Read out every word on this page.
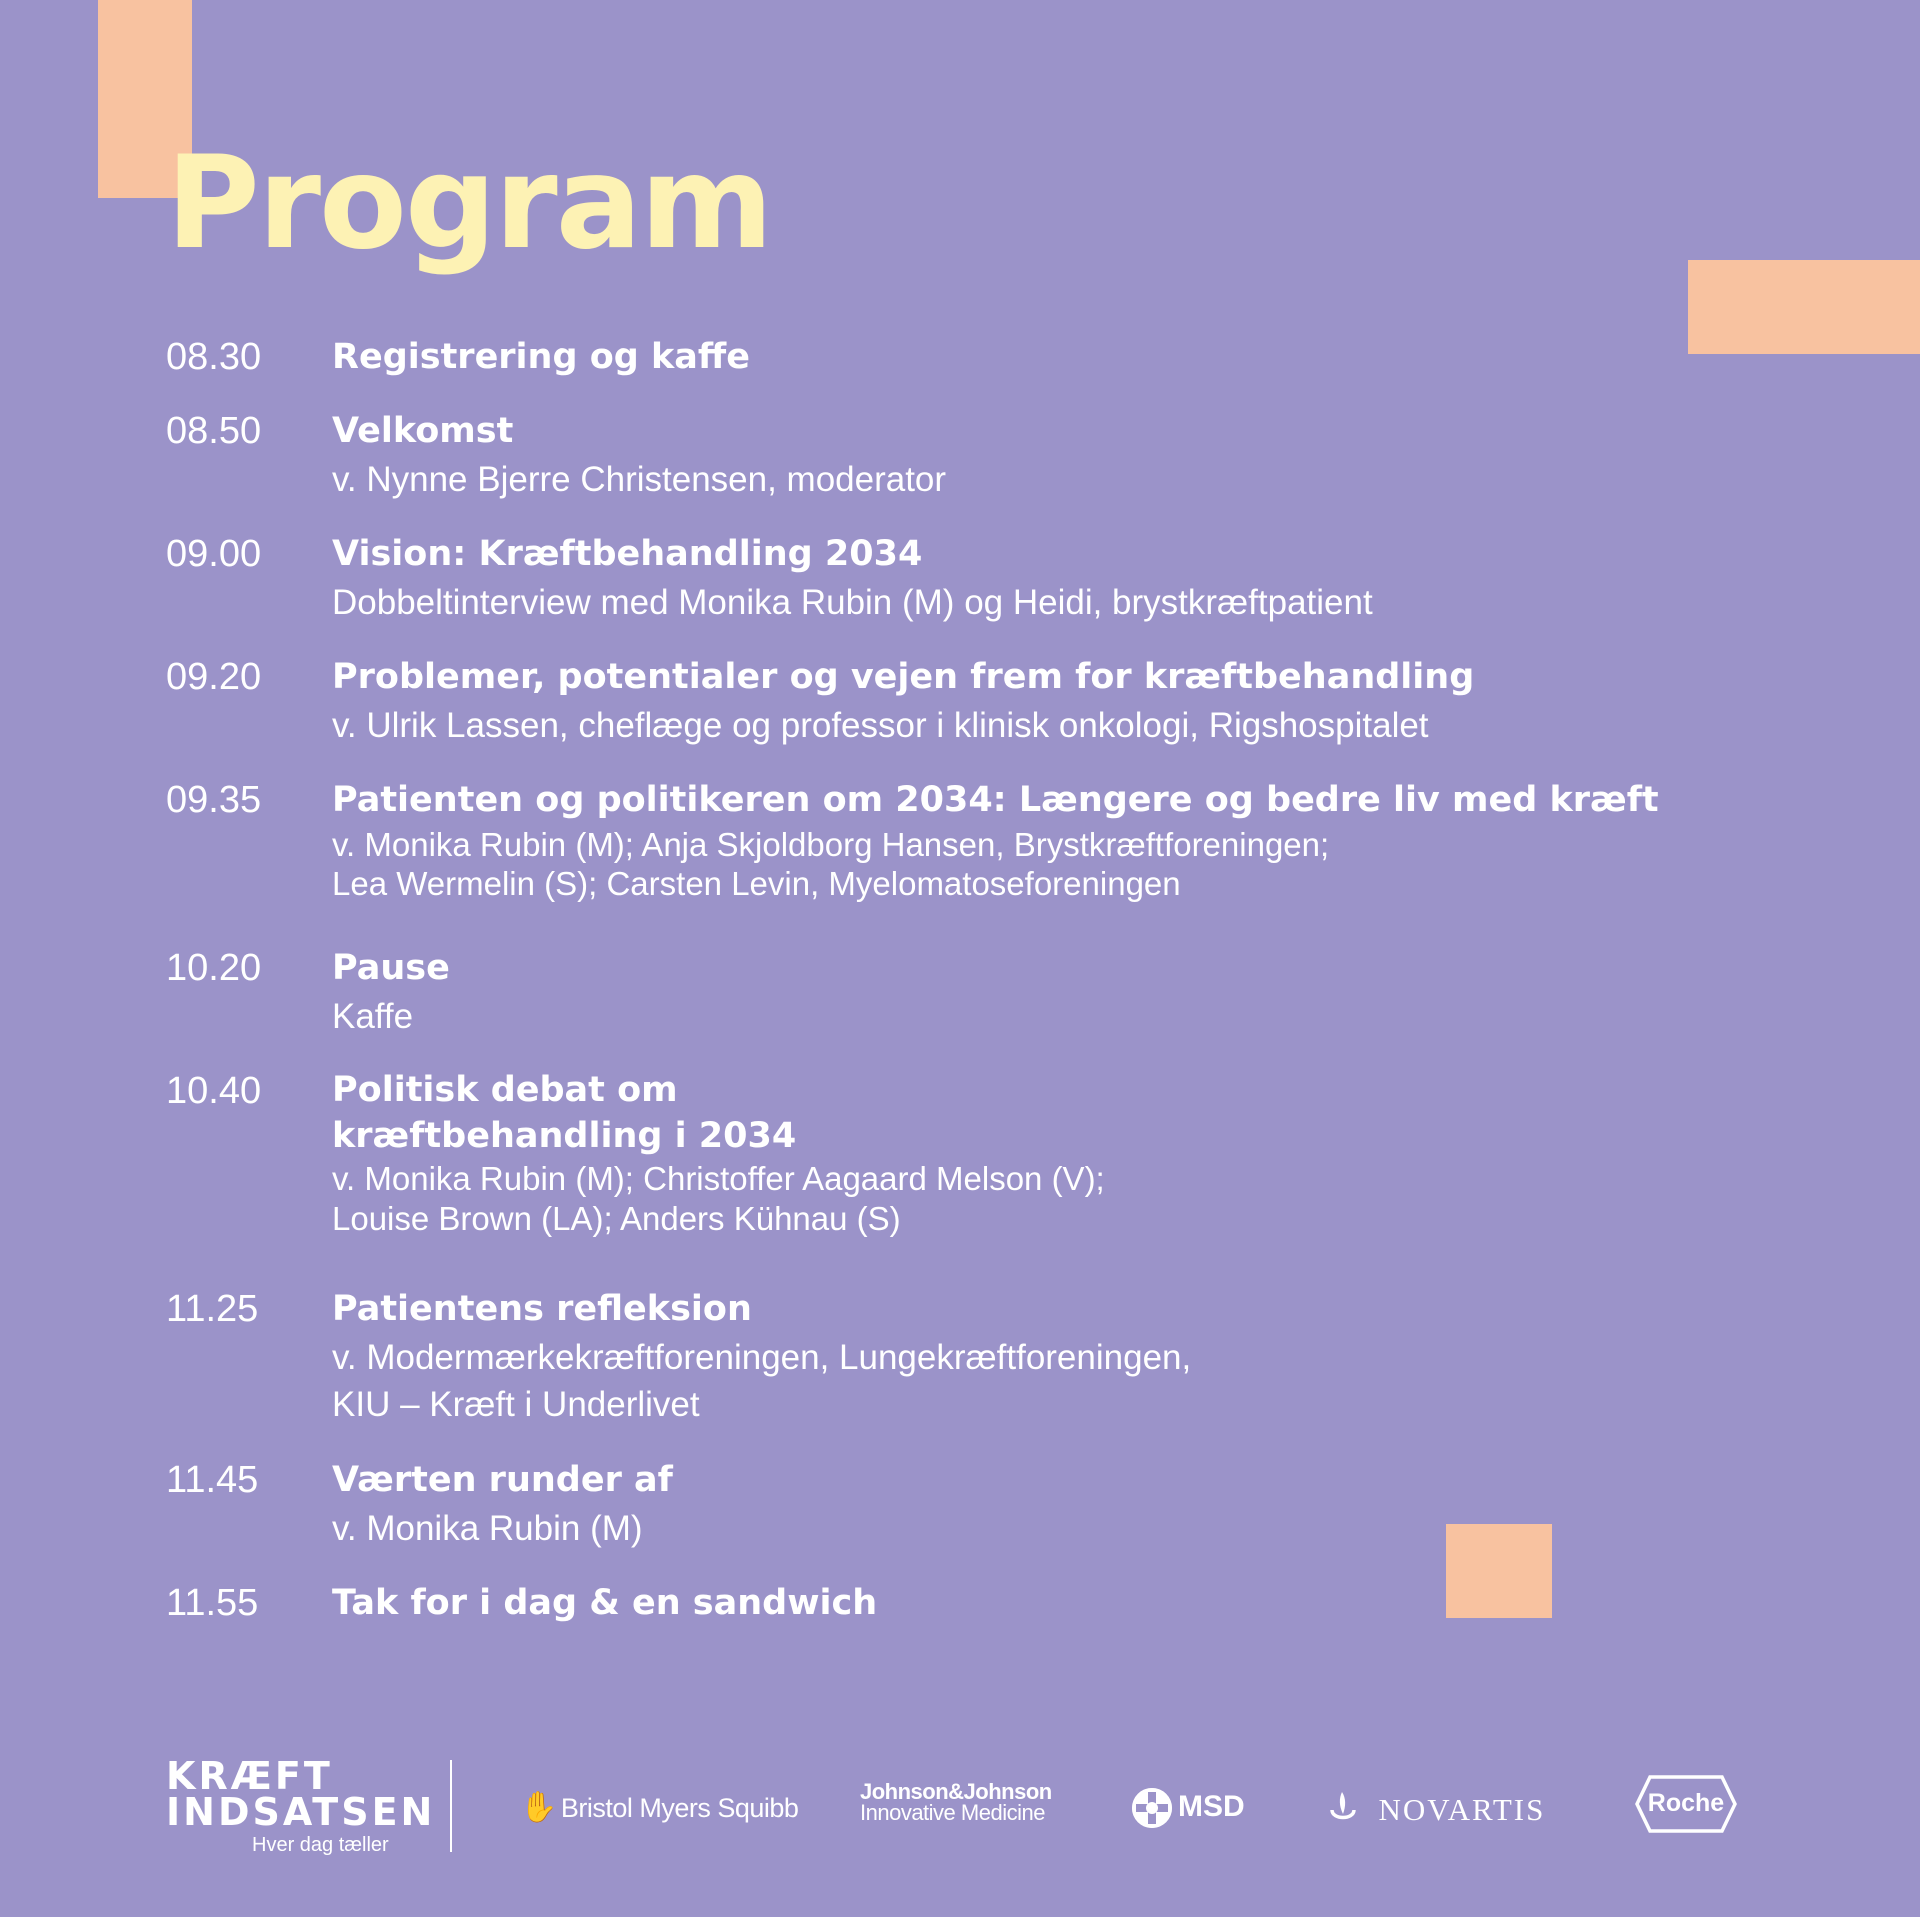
Program
08.30 Registrering og kaffe
08.50 Velkomst
v. Nynne Bjerre Christensen, moderator
09.00 Vision: Kræftbehandling 2034
Dobbeltinterview med Monika Rubin (M) og Heidi, brystkræftpatient
09.20 Problemer, potentialer og vejen frem for kræftbehandling
v. Ulrik Lassen, cheflæge og professor i klinisk onkologi, Rigshospitalet
09.35 Patienten og politikeren om 2034: Længere og bedre liv med kræft
v. Monika Rubin (M); Anja Skjoldborg Hansen, Brystkræftforeningen;
Lea Wermelin (S); Carsten Levin, Myelomatoseforeningen
10.20 Pause
Kaffe
10.40 Politisk debat om kræftbehandling i 2034
v. Monika Rubin (M); Christoffer Aagaard Melson (V);
Louise Brown (LA); Anders Kühnau (S)
11.25 Patientens refleksion
v. Modermærkekræftforeningen, Lungekræftforeningen,
KIU – Kræft i Underlivet
11.45 Værten runder af
v. Monika Rubin (M)
11.55 Tak for i dag & en sandwich
KRÆFT
INDSATSEN
Hver dag tæller
✋ Bristol Myers Squibb
Johnson&Johnson
Innovative Medicine	MSD	NOVARTIS	Roche
